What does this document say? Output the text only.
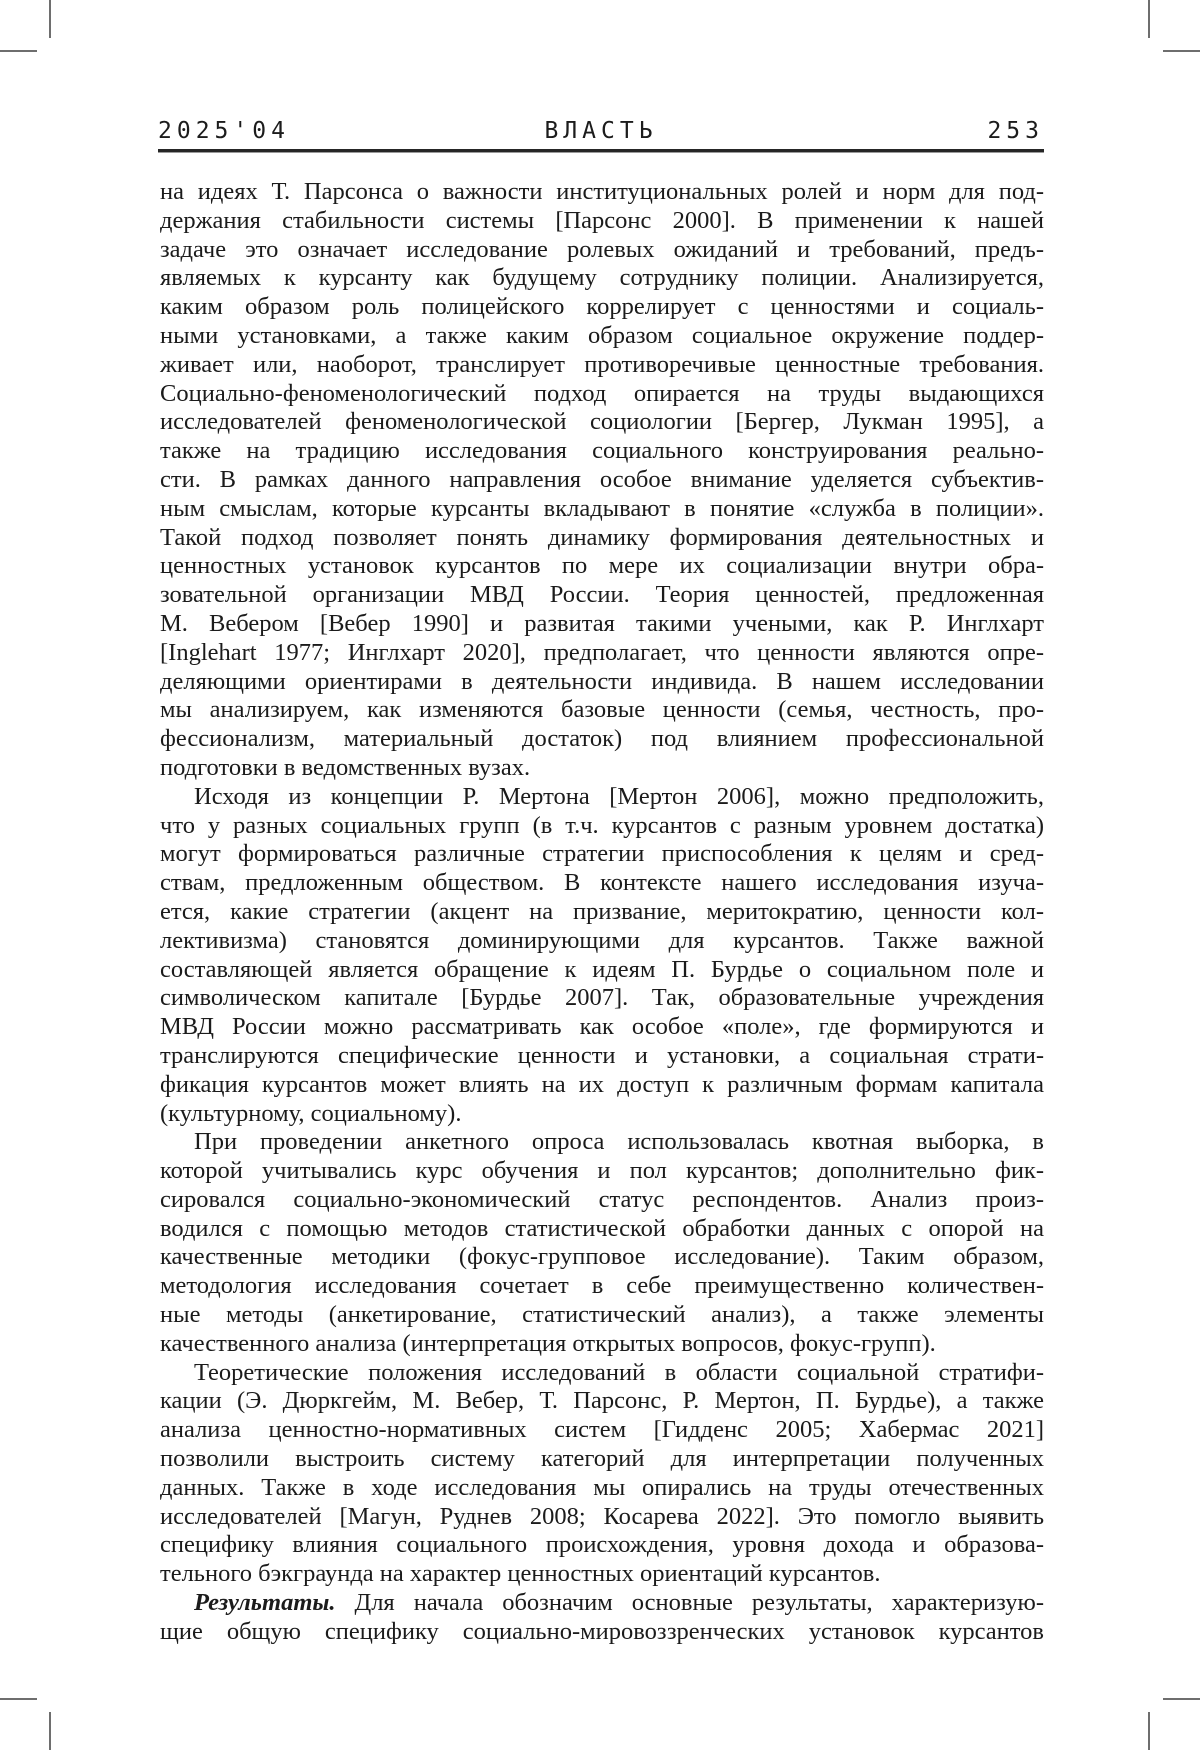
2025'04	ВЛАСТЬ	253
на идеях Т. Парсонса о важности институциональных ролей и норм для под-
держания стабильности системы [Парсонс 2000]. В применении к нашей
задаче это означает исследование ролевых ожиданий и требований, предъ-
являемых к курсанту как будущему сотруднику полиции. Анализируется,
каким образом роль полицейского коррелирует с ценностями и социаль-
ными установками, а также каким образом социальное окружение поддер-
живает или, наоборот, транслирует противоречивые ценностные требования.
Социально-феноменологический подход опирается на труды выдающихся
исследователей феноменологической социологии [Бергер, Лукман 1995], а
также на традицию исследования социального конструирования реально-
сти. В рамках данного направления особое внимание уделяется субъектив-
ным смыслам, которые курсанты вкладывают в понятие «служба в полиции».
Такой подход позволяет понять динамику формирования деятельностных и
ценностных установок курсантов по мере их социализации внутри обра-
зовательной организации МВД России. Теория ценностей, предложенная
М. Вебером [Вебер 1990] и развитая такими учеными, как Р. Инглхарт
[Inglehart 1977; Инглхарт 2020], предполагает, что ценности являются опре-
деляющими ориентирами в деятельности индивида. В нашем исследовании
мы анализируем, как изменяются базовые ценности (семья, честность, про-
фессионализм, материальный достаток) под влиянием профессиональной
подготовки в ведомственных вузах.
Исходя из концепции Р. Мертона [Мертон 2006], можно предположить,
что у разных социальных групп (в т.ч. курсантов с разным уровнем достатка)
могут формироваться различные стратегии приспособления к целям и сред-
ствам, предложенным обществом. В контексте нашего исследования изуча-
ется, какие стратегии (акцент на призвание, меритократию, ценности кол-
лективизма) становятся доминирующими для курсантов. Также важной
составляющей является обращение к идеям П. Бурдье о социальном поле и
символическом капитале [Бурдье 2007]. Так, образовательные учреждения
МВД России можно рассматривать как особое «поле», где формируются и
транслируются специфические ценности и установки, а социальная страти-
фикация курсантов может влиять на их доступ к различным формам капитала
(культурному, социальному).
При проведении анкетного опроса использовалась квотная выборка, в
которой учитывались курс обучения и пол курсантов; дополнительно фик-
сировался социально-экономический статус респондентов. Анализ произ-
водился с помощью методов статистической обработки данных с опорой на
качественные методики (фокус-групповое исследование). Таким образом,
методология исследования сочетает в себе преимущественно количествен-
ные методы (анкетирование, статистический анализ), а также элементы
качественного анализа (интерпретация открытых вопросов, фокус-групп).
Теоретические положения исследований в области социальной стратифи-
кации (Э. Дюркгейм, М. Вебер, Т. Парсонс, Р. Мертон, П. Бурдье), а также
анализа ценностно-нормативных систем [Гидденс 2005; Хабермас 2021]
позволили выстроить систему категорий для интерпретации полученных
данных. Также в ходе исследования мы опирались на труды отечественных
исследователей [Магун, Руднев 2008; Косарева 2022]. Это помогло выявить
специфику влияния социального происхождения, уровня дохода и образова-
тельного бэкграунда на характер ценностных ориентаций курсантов.
Результаты. Для начала обозначим основные результаты, характеризую-
щие общую специфику социально-мировоззренческих установок курсантов
